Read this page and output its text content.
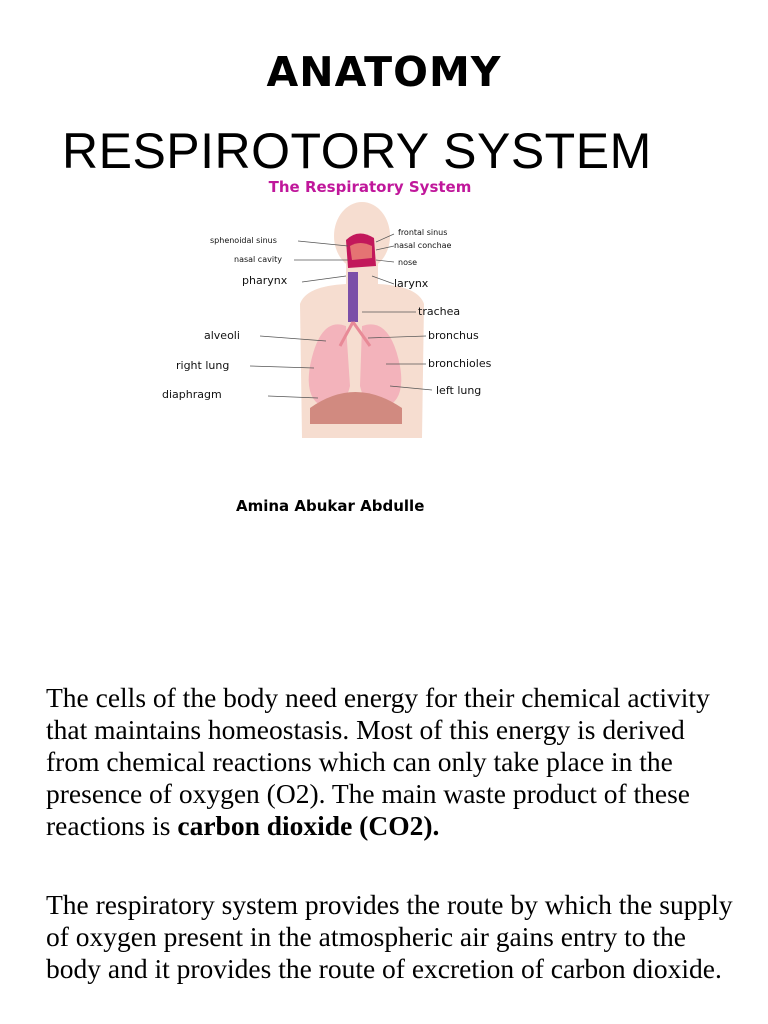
ANATOMY
RESPIROTORY SYSTEM
The Respiratory System
sphenoidal sinus
nasal cavity
pharynx
alveoli
right lung
diaphragm
frontal sinus
nasal conchae
nose
larynx
trachea
bronchus
bronchioles
left lung
Amina Abukar Abdulle
The cells of the body need energy for their chemical activity that maintains homeostasis. Most of this energy is derived from chemical reactions which can only take place in the presence of oxygen (O2). The main waste product of these reactions is carbon dioxide (CO2).
The respiratory system provides the route by which the supply of oxygen present in the atmospheric air gains entry to the body and it provides the route of excretion of carbon dioxide.
